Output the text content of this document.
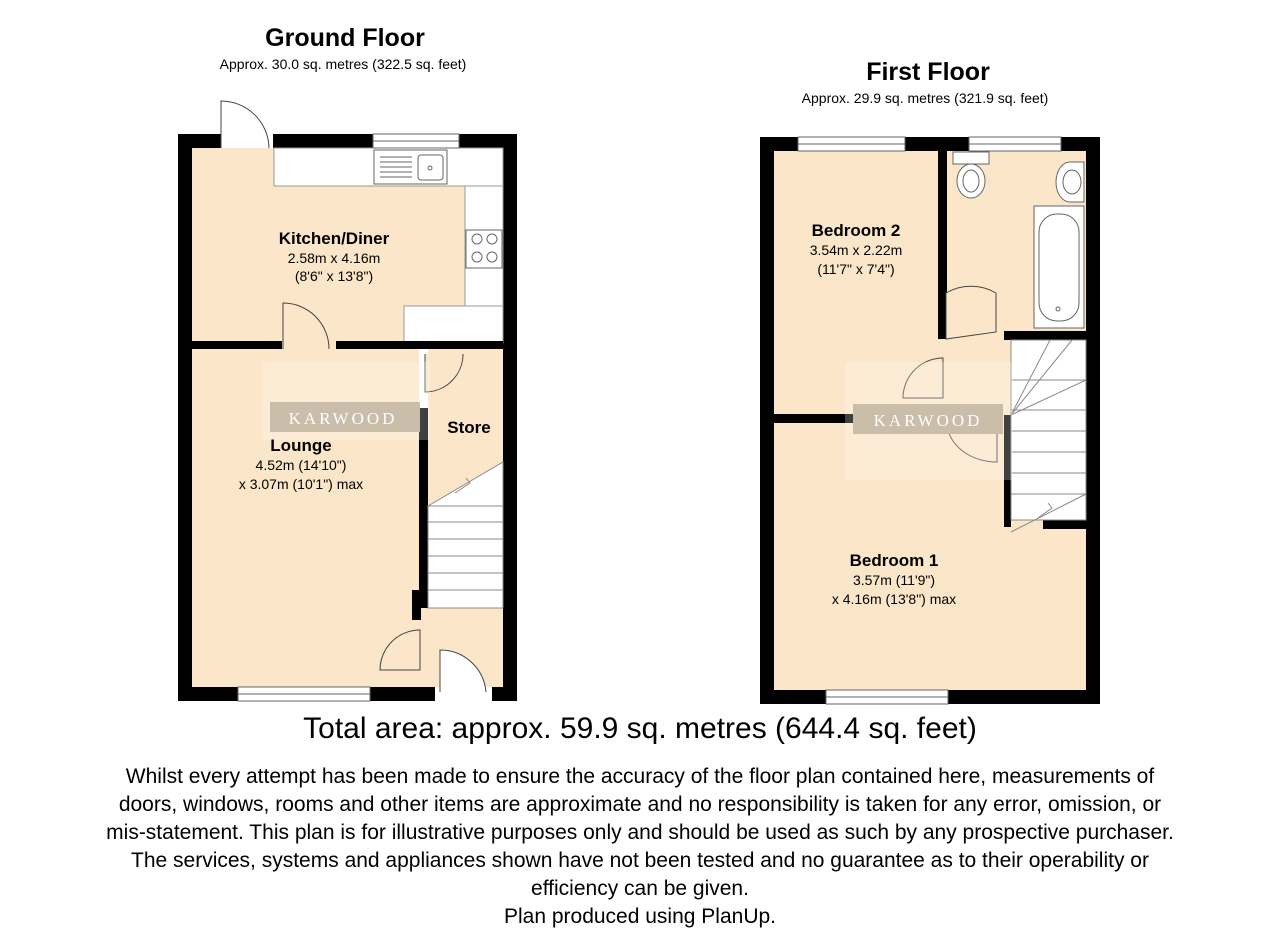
KARWOOD	KARWOOD
Ground Floor
Approx. 30.0 sq. metres (322.5 sq. feet)	First Floor
Approx. 29.9 sq. metres (321.9 sq. feet)
Kitchen/Diner
2.58m x 4.16m
(8'6" x 13'8")
Lounge
4.52m (14'10")
x 3.07m (10'1") max
Store
Bedroom 2
3.54m x 2.22m
(11'7" x 7'4")
Bedroom 1
3.57m (11'9")
x 4.16m (13'8") max
Total area: approx. 59.9 sq. metres (644.4 sq. feet)
Whilst every attempt has been made to ensure the accuracy of the floor plan contained here, measurements of
doors, windows, rooms and other items are approximate and no responsibility is taken for any error, omission, or
mis-statement. This plan is for illustrative purposes only and should be used as such by any prospective purchaser.
The services, systems and appliances shown have not been tested and no guarantee as to their operability or
efficiency can be given.
Plan produced using PlanUp.
